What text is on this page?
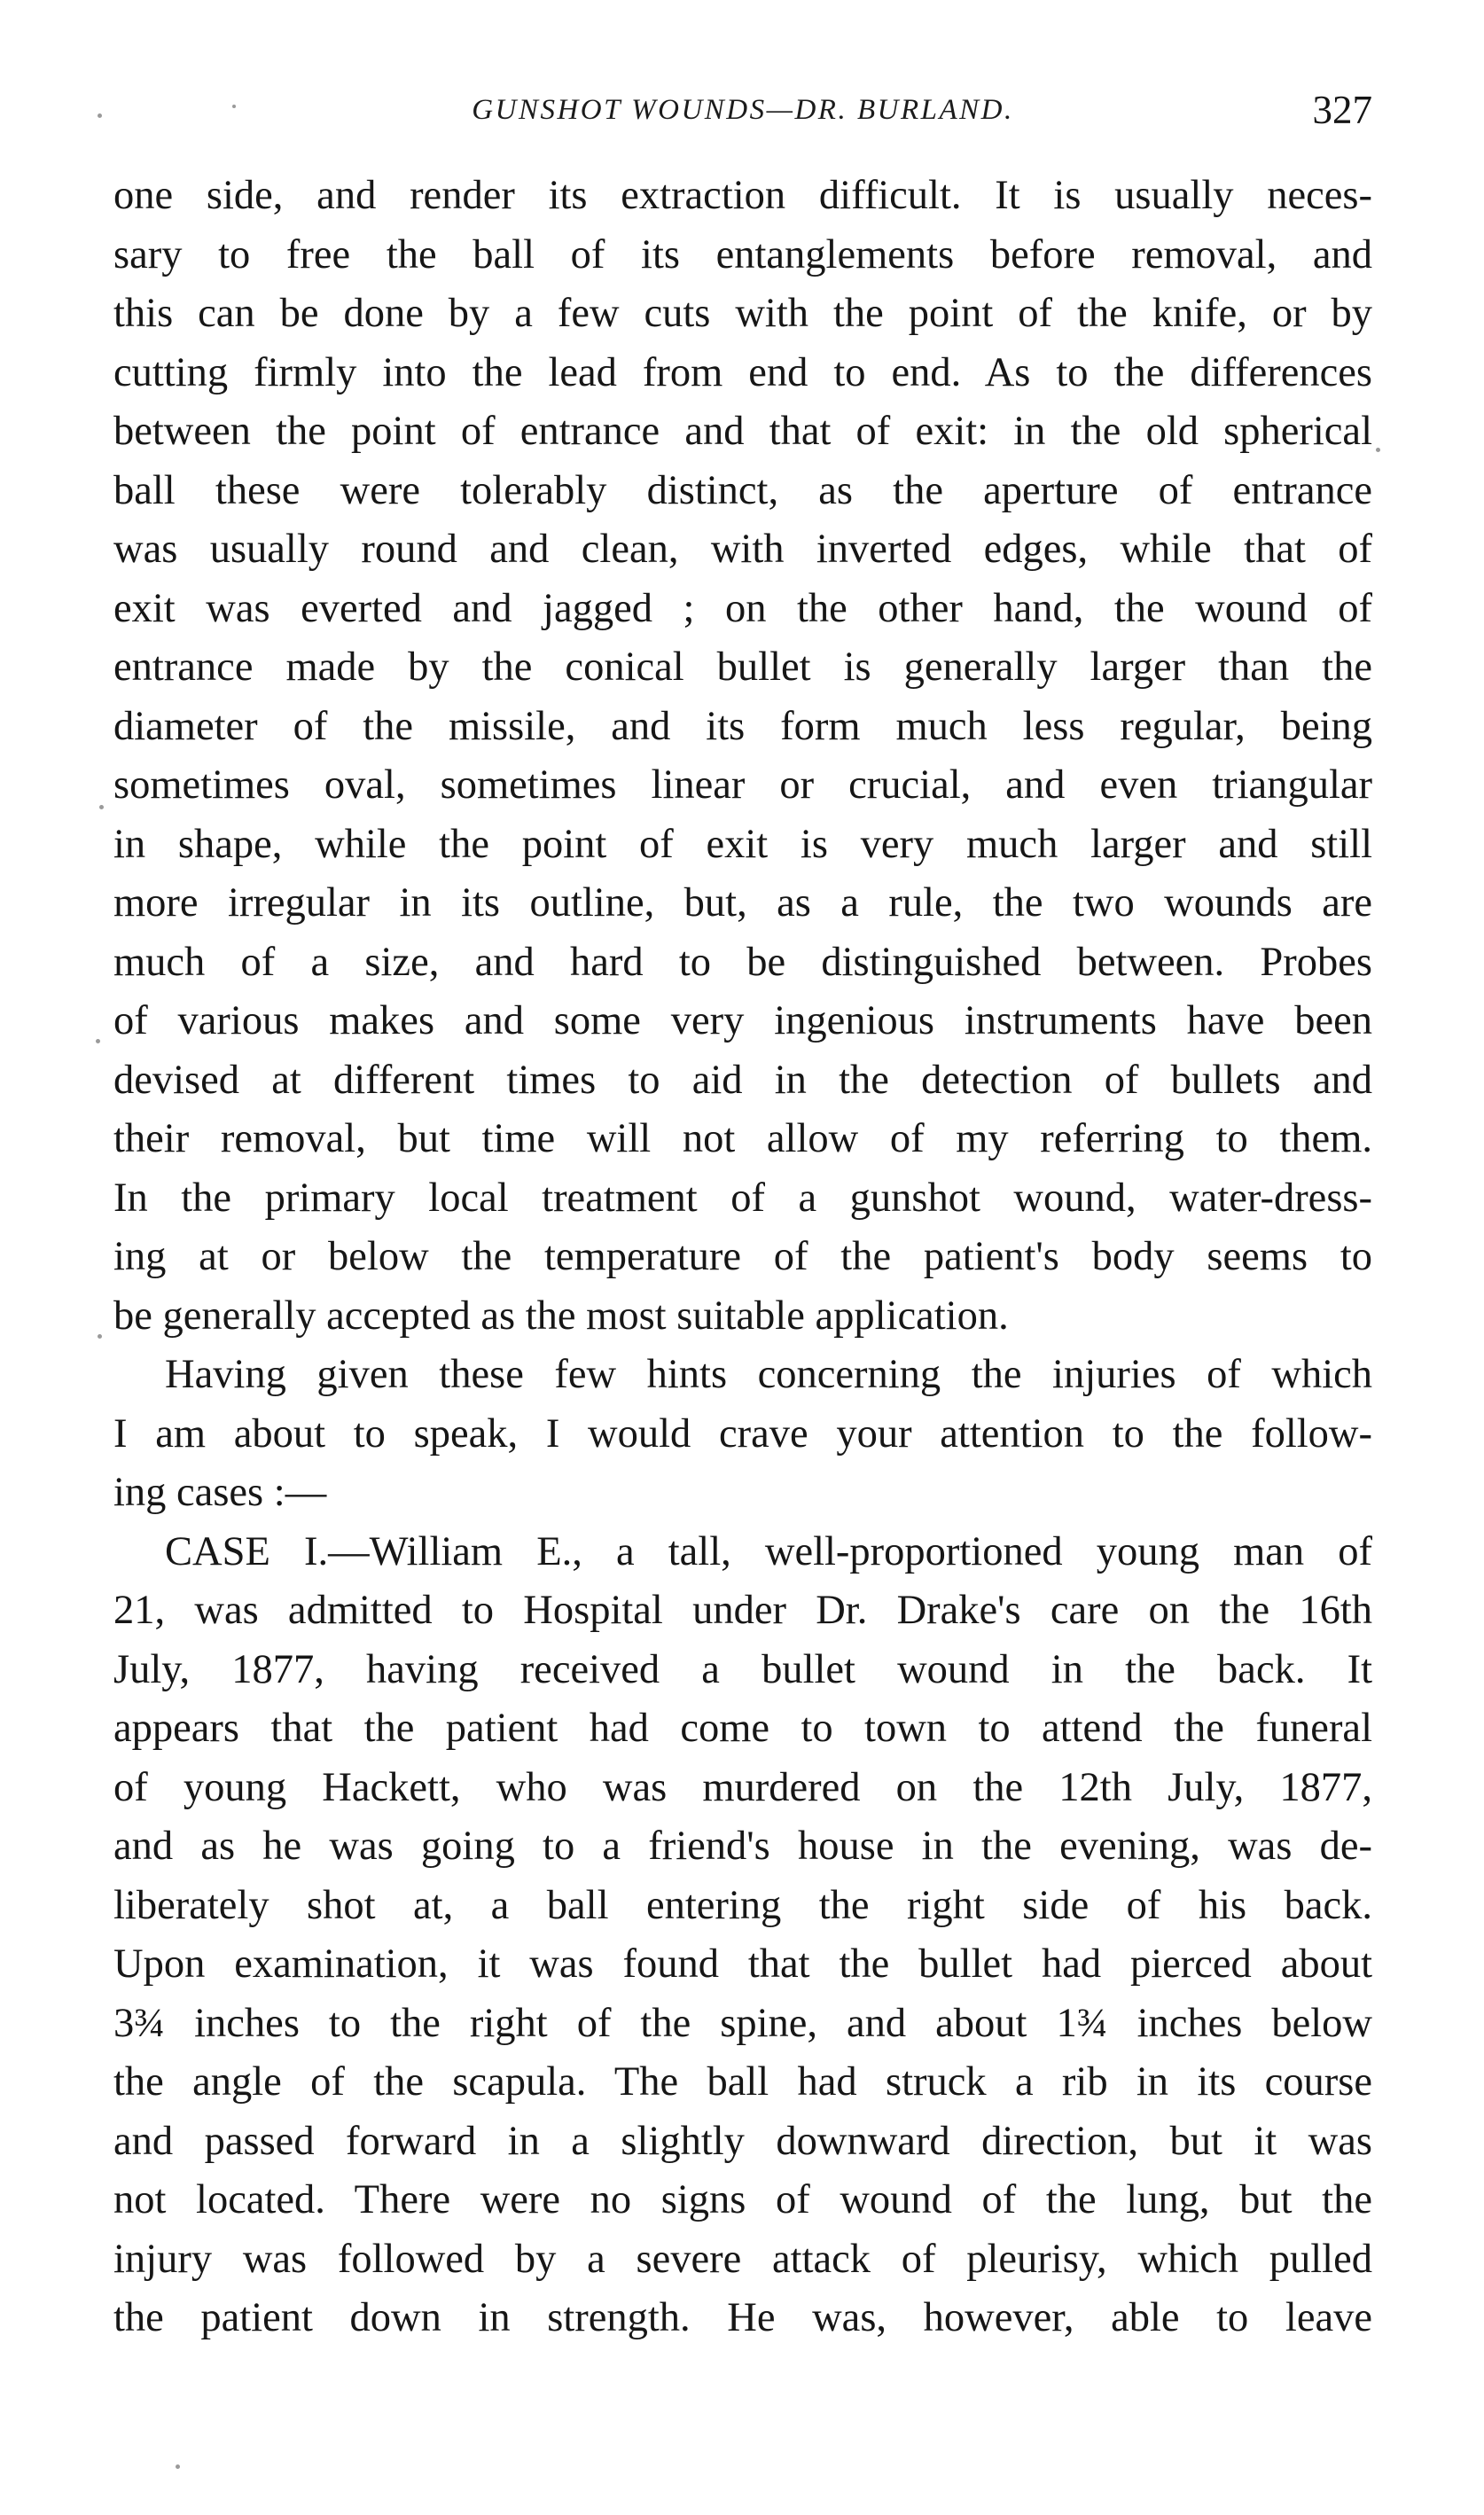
GUNSHOT WOUNDS—DR. BURLAND.	327
one side, and render its extraction difficult. It is usually neces-
sary to free the ball of its entanglements before removal, and
this can be done by a few cuts with the point of the knife, or by
cutting firmly into the lead from end to end. As to the differences
between the point of entrance and that of exit: in the old spherical
ball these were tolerably distinct, as the aperture of entrance
was usually round and clean, with inverted edges, while that of
exit was everted and jagged ; on the other hand, the wound of
entrance made by the conical bullet is generally larger than the
diameter of the missile, and its form much less regular, being
sometimes oval, sometimes linear or crucial, and even triangular
in shape, while the point of exit is very much larger and still
more irregular in its outline, but, as a rule, the two wounds are
much of a size, and hard to be distinguished between. Probes
of various makes and some very ingenious instruments have been
devised at different times to aid in the detection of bullets and
their removal, but time will not allow of my referring to them.
In the primary local treatment of a gunshot wound, water-dress-
ing at or below the temperature of the patient's body seems to
be generally accepted as the most suitable application.
Having given these few hints concerning the injuries of which
I am about to speak, I would crave your attention to the follow-
ing cases :—
CASE I.—William E., a tall, well-proportioned young man of
21, was admitted to Hospital under Dr. Drake's care on the 16th
July, 1877, having received a bullet wound in the back. It
appears that the patient had come to town to attend the funeral
of young Hackett, who was murdered on the 12th July, 1877,
and as he was going to a friend's house in the evening, was de-
liberately shot at, a ball entering the right side of his back.
Upon examination, it was found that the bullet had pierced about
3¾ inches to the right of the spine, and about 1¾ inches below
the angle of the scapula. The ball had struck a rib in its course
and passed forward in a slightly downward direction, but it was
not located. There were no signs of wound of the lung, but the
injury was followed by a severe attack of pleurisy, which pulled
the patient down in strength. He was, however, able to leave
